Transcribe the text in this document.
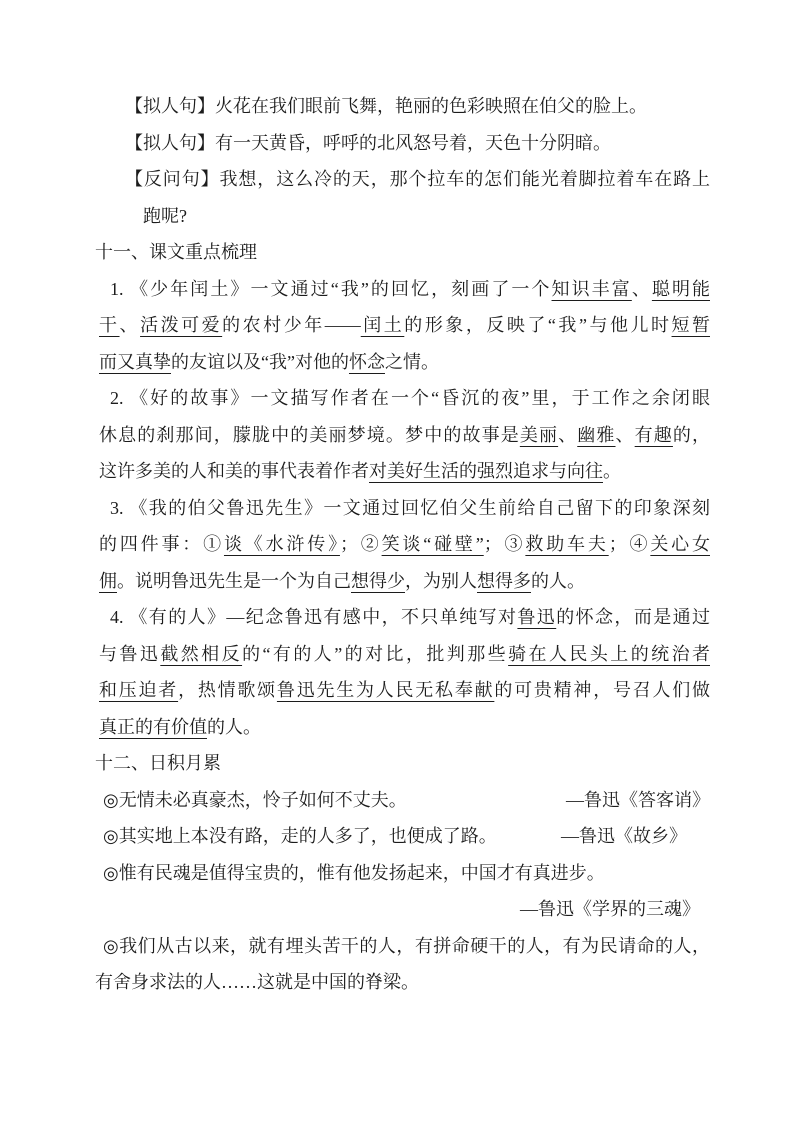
【拟人句】火花在我们眼前飞舞，艳丽的色彩映照在伯父的脸上。
【拟人句】有一天黄昏，呼呼的北风怒号着，天色十分阴暗。
【反问句】我想，这么冷的天，那个拉车的怎们能光着脚拉着车在路上
跑呢?
十一、课文重点梳理
1. 《少年闰土》一文通过“我”的回忆，刻画了一个知识丰富、聪明能
干、活泼可爱的农村少年——闰土的形象，反映了“我”与他儿时短暂
而又真挚的友谊以及“我”对他的怀念之情。
2. 《好的故事》一文描写作者在一个“昏沉的夜”里，于工作之余闭眼
休息的刹那间，朦胧中的美丽梦境。梦中的故事是美丽、幽雅、有趣的，
这许多美的人和美的事代表着作者对美好生活的强烈追求与向往。
3. 《我的伯父鲁迅先生》一文通过回忆伯父生前给自己留下的印象深刻
的四件事：①谈《水浒传》；②笑谈“碰壁”；③救助车夫；④关心女
佣。说明鲁迅先生是一个为自己想得少，为别人想得多的人。
4. 《有的人》—纪念鲁迅有感中，不只单纯写对鲁迅的怀念，而是通过
与鲁迅截然相反的“有的人”的对比，批判那些骑在人民头上的统治者
和压迫者，热情歌颂鲁迅先生为人民无私奉献的可贵精神，号召人们做
真正的有价值的人。
十二、日积月累
◎无情未必真豪杰，怜子如何不丈夫。	—鲁迅《答客诮》
◎其实地上本没有路，走的人多了，也便成了路。	—鲁迅《故乡》
◎惟有民魂是值得宝贵的，惟有他发扬起来，中国才有真进步。
—鲁迅《学界的三魂》
◎我们从古以来，就有埋头苦干的人，有拼命硬干的人，有为民请命的人，
有舍身求法的人……这就是中国的脊梁。
